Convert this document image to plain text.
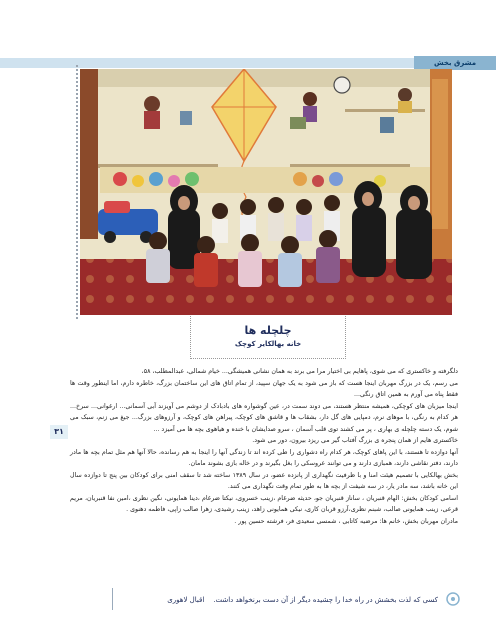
مشرق بخش
چلچله ها
خانه بهالکایر کوچک

دلگرفته و خاکستری که می شوی، پاهایم بی اختیار مرا می برند به همان نشانی همیشگی... خیام شمالی، عبدالمطلب، ۵۸،

می رسم، یک در بزرگ مهربان اینجا هست که باز می شود به یک جهان سپید، از تمام اتاق های این ساختمان بزرگ، خاطره دارم، اما اینطور وقت ها فقط پناه می آورم به همین اتاق رنگی...

اینجا میزبان های کوچکی، همیشه منتظر هستند، می دوند سمت در، عین گوشواره های بادبادک از دوشم می آویزند آبی آسمانی... ارغوانی... سرخ... هر کدام به رنگی، با موهای نرم، دمپایی های گل دار، بشقاب ها و قاشق های کوچک، پیراهن های کوچک، و آرزوهای بزرگ... جیغ می زنم، سبک می شوم، یک دسته چلچله ی بهاری ، پر می کشند توی قلب آسمان ، سرو صدایشان با خنده و هیاهوی بچه ها می آمیزد ...

خاکستری هایم از همان پنجره ی بزرگ آفتاب گیر می ریزد بیرون، دور می شود.

آنها دوازده تا هستند، با این پاهای کوچک، هر کدام راه دشواری را طی کرده اند تا زندگی آنها را اینجا به هم رسانده، حالا آنها هم مثل تمام بچه ها مادر دارند، دفتر نقاشی دارند، همبازی دارند و می توانند عروسکی را بغل بگیرند و در خاله بازی بشوند مامان.

بخش بهالکایی با تصمیم هیئت امنا و با ظرفیت نگهداری از پانزده عضو، در سال ۱۳۸۹ ساخته شد تا سقف امنی برای کودکان بین پنج تا دوازده سال این خانه باشد، سه مادر یار، در سه شیفت از بچه ها به طور تمام وقت نگهداری می کنند.

اسامی کودکان بخش: الهام قنبریان ، ساناز قنبریان جو، حدیثه ضرغام ،زینب خسروی، نیکتا ضرغام ،دینا همایونی، نگین نظری ،امین نفا قنبریان، مریم قرعی، زینب همایونی صالب، شبنم نظری،آرزو قربان کاری، نیکی همایونی زاهد، زینب رشیدی، زهرا صالب زاپی، فاطمه دهنوی .

مادران مهربان بخش، خانم ها: مرضیه کاتابی ، شمسی سعیدی فر، فرشته حسین پور .

۳۱
کسی که لذت بخشش در راه خدا را چشیده دیگر از آن دست برنخواهد داشت.    اقبال لاهوری
